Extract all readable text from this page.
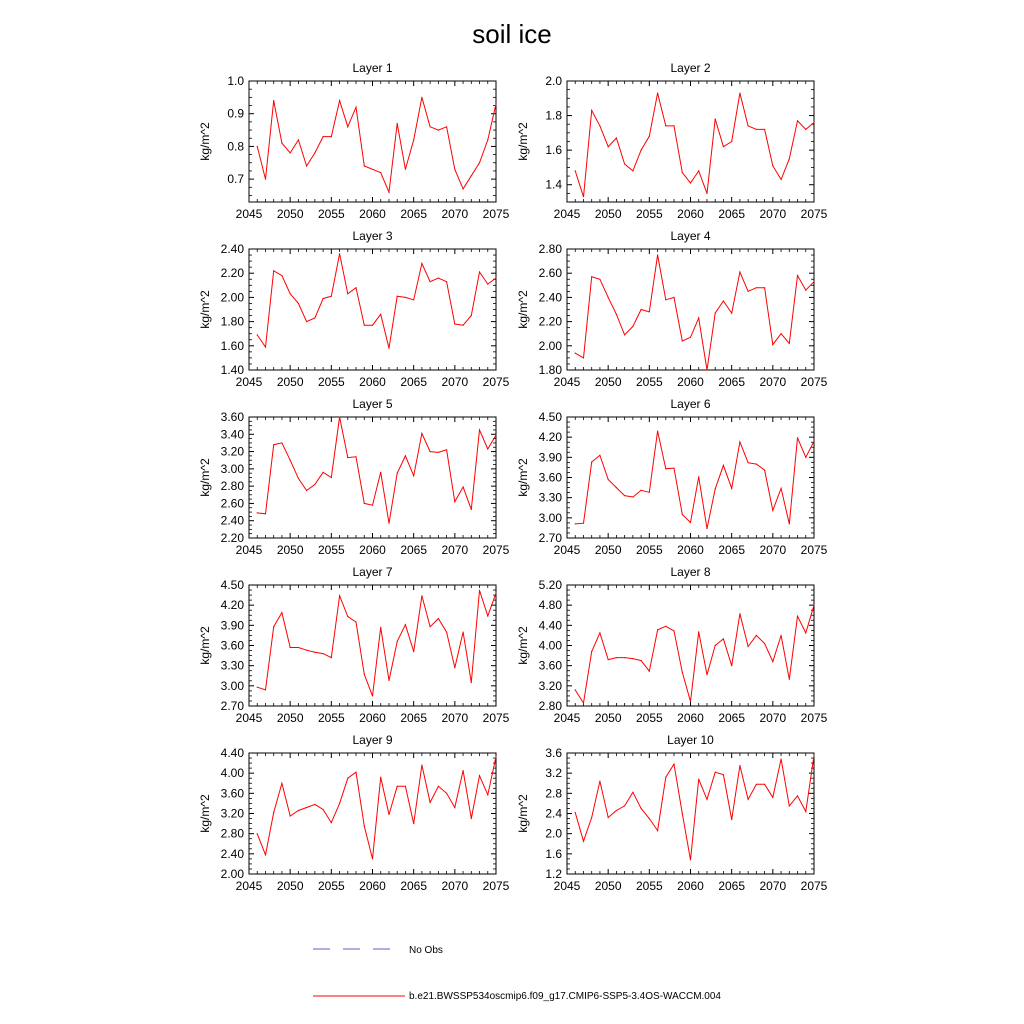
soil ice
Layer 1
kg/m^2
2045 2050 2055 2060 2065 2070 2075
0.7
0.8
0.9
1.0
Layer 2
kg/m^2
2045 2050 2055 2060 2065 2070 2075
1.4
1.6
1.8
2.0
Layer 3
kg/m^2
2045 2050 2055 2060 2065 2070 2075
1.40
1.60
1.80
2.00
2.20
2.40
Layer 4
kg/m^2
2045 2050 2055 2060 2065 2070 2075
1.80
2.00
2.20
2.40
2.60
2.80
Layer 5
kg/m^2
2045 2050 2055 2060 2065 2070 2075
2.20
2.40
2.60
2.80
3.00
3.20
3.40
3.60
Layer 6
kg/m^2
2045 2050 2055 2060 2065 2070 2075
2.70
3.00
3.30
3.60
3.90
4.20
4.50
Layer 7
kg/m^2
2045 2050 2055 2060 2065 2070 2075
2.70
3.00
3.30
3.60
3.90
4.20
4.50
Layer 8
kg/m^2
2045 2050 2055 2060 2065 2070 2075
2.80
3.20
3.60
4.00
4.40
4.80
5.20
Layer 9
kg/m^2
2045 2050 2055 2060 2065 2070 2075
2.00
2.40
2.80
3.20
3.60
4.00
4.40
Layer 10
kg/m^2
2045 2050 2055 2060 2065 2070 2075
1.2
1.6
2.0
2.4
2.8
3.2
3.6
No Obs
b.e21.BWSSP534oscmip6.f09_g17.CMIP6-SSP5-3.4OS-WACCM.004
